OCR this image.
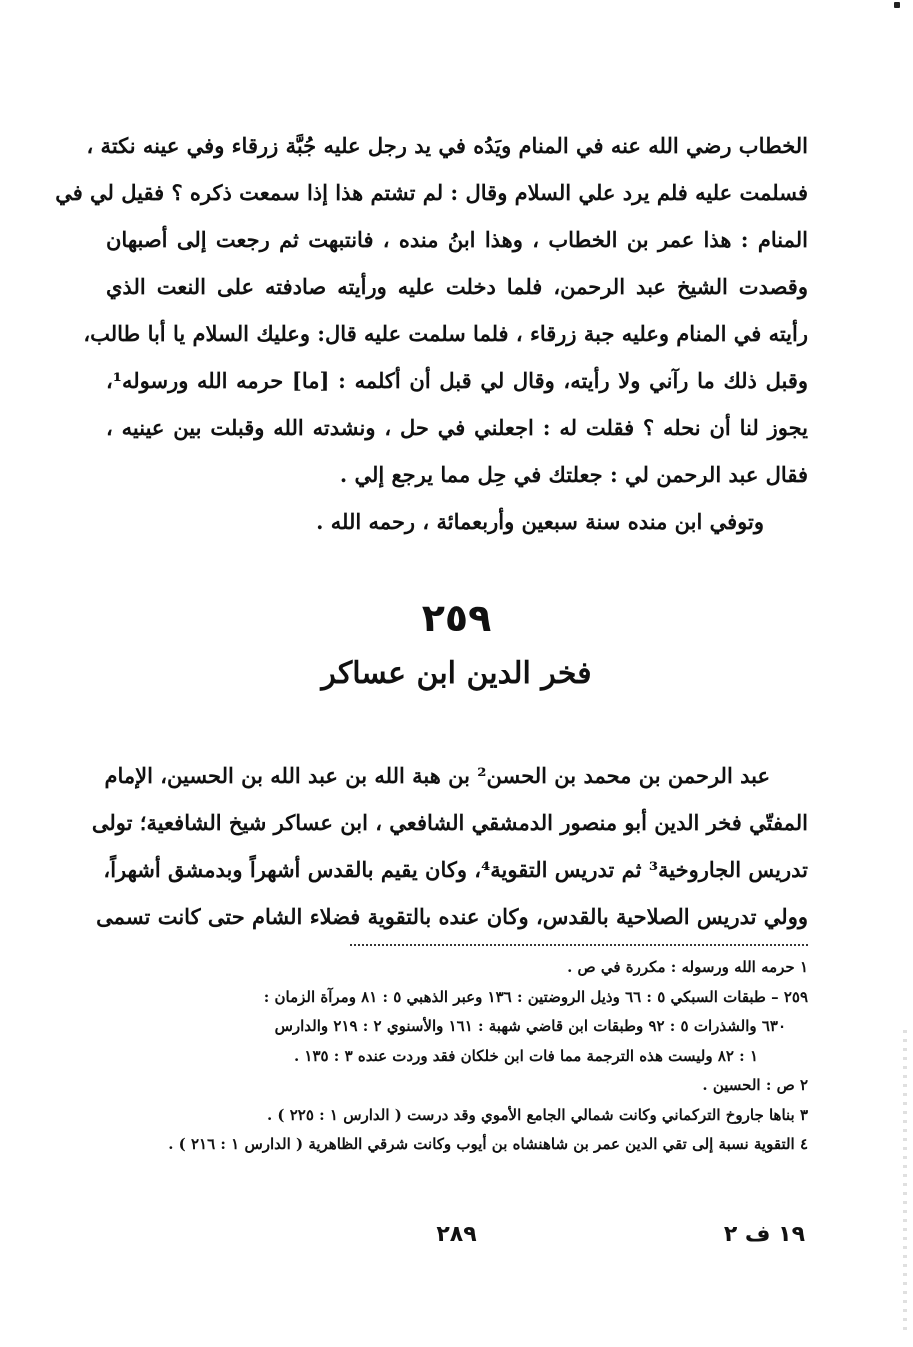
الخطاب رضي الله عنه في المنام ويَدُه في يد رجل عليه جُبَّة زرقاء وفي عينه نكتة ،
فسلمت عليه فلم يرد علي السلام وقال : لم تشتم هذا إذا سمعت ذكره ؟ فقيل لي في
المنام : هذا عمر بن الخطاب ، وهذا ابنُ منده ، فانتبهت ثم رجعت إلى أصبهان
وقصدت الشيخ عبد الرحمن، فلما دخلت عليه ورأيته صادفته على النعت الذي
رأيته في المنام وعليه جبة زرقاء ، فلما سلمت عليه قال: وعليك السلام يا أبا طالب،
وقبل ذلك ما رآني ولا رأيته، وقال لي قبل أن أكلمه : [ما] حرمه الله ورسوله¹،
يجوز لنا أن نحله ؟ فقلت له : اجعلني في حل ، ونشدته الله وقبلت بين عينيه ،
فقال عبد الرحمن لي : جعلتك في حِل مما يرجع إلي .
وتوفي ابن منده سنة سبعين وأربعمائة ، رحمه الله .
٢٥٩
فخر الدين ابن عساكر
عبد الرحمن بن محمد بن الحسن² بن هبة الله بن عبد الله بن الحسين، الإمام
المفتّي فخر الدين أبو منصور الدمشقي الشافعي ، ابن عساكر شيخ الشافعية؛ تولى
تدريس الجاروخية³ ثم تدريس التقوية⁴، وكان يقيم بالقدس أشهراً وبدمشق أشهراً،
وولي تدريس الصلاحية بالقدس، وكان عنده بالتقوية فضلاء الشام حتى كانت تسمى
١ حرمه الله ورسوله : مكررة في ص .
٢٥٩ – طبقات السبكي ٥ : ٦٦ وذيل الروضتين : ١٣٦ وعبر الذهبي ٥ : ٨١ ومرآة الزمان :
٦٣٠ والشذرات ٥ : ٩٢ وطبقات ابن قاضي شهبة : ١٦١ والأسنوي ٢ : ٢١٩ والدارس
١ : ٨٢ وليست هذه الترجمة مما فات ابن خلكان فقد وردت عنده ٣ : ١٣٥ .
٢ ص : الحسين .
٣ بناها جاروخ التركماني وكانت شمالي الجامع الأموي وقد درست ( الدارس ١ : ٢٢٥ ) .
٤ التقوية نسبة إلى تقي الدين عمر بن شاهنشاه بن أيوب وكانت شرقي الظاهرية ( الدارس ١ : ٢١٦ ) .
٢٨٩	١٩ ف ٢
